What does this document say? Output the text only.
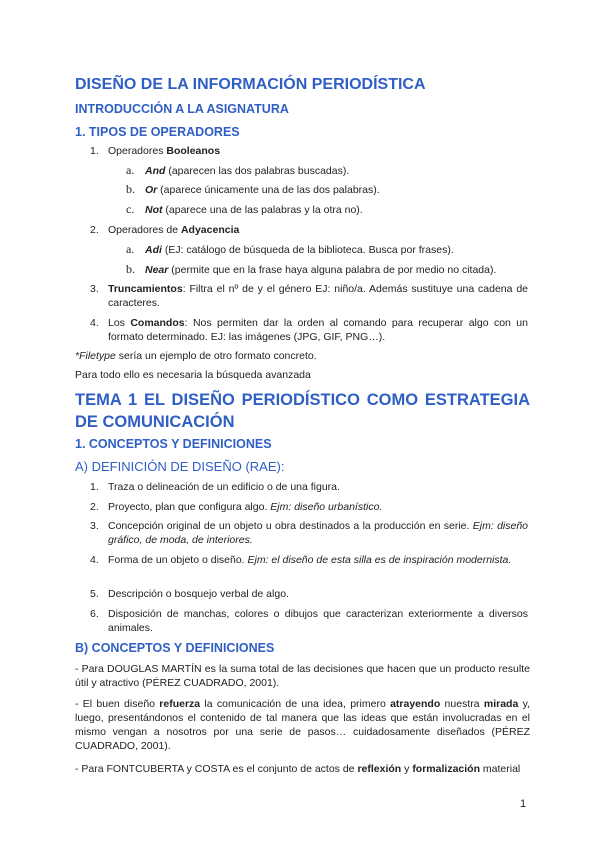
DISEÑO DE LA INFORMACIÓN PERIODÍSTICA
INTRODUCCIÓN A LA ASIGNATURA
1. TIPOS DE OPERADORES
1. Operadores Booleanos
a.	And (aparecen las dos palabras buscadas).
b. Or (aparece únicamente una de las dos palabras).
c.	Not (aparece una de las palabras y la otra no).
2. Operadores de Adyacencia
a.	Adi (EJ: catálogo de búsqueda de la biblioteca. Busca por frases).
b. Near (permite que en la frase haya alguna palabra de por medio no citada).
3. Truncamientos: Filtra el nº de y el género EJ: niño/a. Además sustituye una cadena de caracteres.
4. Los Comandos: Nos permiten dar la orden al comando para recuperar algo con un formato determinado. EJ: las imágenes (JPG, GIF, PNG…).
*Filetype sería un ejemplo de otro formato concreto.
Para todo ello es necesaria la búsqueda avanzada
TEMA 1 EL DISEÑO PERIODÍSTICO COMO ESTRATEGIA DE COMUNICACIÓN
1. CONCEPTOS Y DEFINICIONES
A) DEFINICIÓN DE DISEÑO (RAE):
1. Traza o delineación de un edificio o de una figura.
2. Proyecto, plan que configura algo. Ejm: diseño urbanístico.
3. Concepción original de un objeto u obra destinados a la producción en serie. Ejm: diseño gráfico, de moda, de interiores.
4. Forma de un objeto o diseño. Ejm: el diseño de esta silla es de inspiración modernista.
5. Descripción o bosquejo verbal de algo.
6. Disposición de manchas, colores o dibujos que caracterizan exteriormente a diversos animales.
B) CONCEPTOS Y DEFINICIONES
- Para DOUGLAS MARTÍN es la suma total de las decisiones que hacen que un producto resulte útil y atractivo (PÉREZ CUADRADO, 2001).
- El buen diseño refuerza la comunicación de una idea, primero atrayendo nuestra mirada y, luego, presentándonos el contenido de tal manera que las ideas que están involucradas en el mismo vengan a nosotros por una serie de pasos… cuidadosamente diseñados (PÉREZ CUADRADO, 2001).
- Para FONTCUBERTA y COSTA es el conjunto de actos de reflexión y formalización material
1
